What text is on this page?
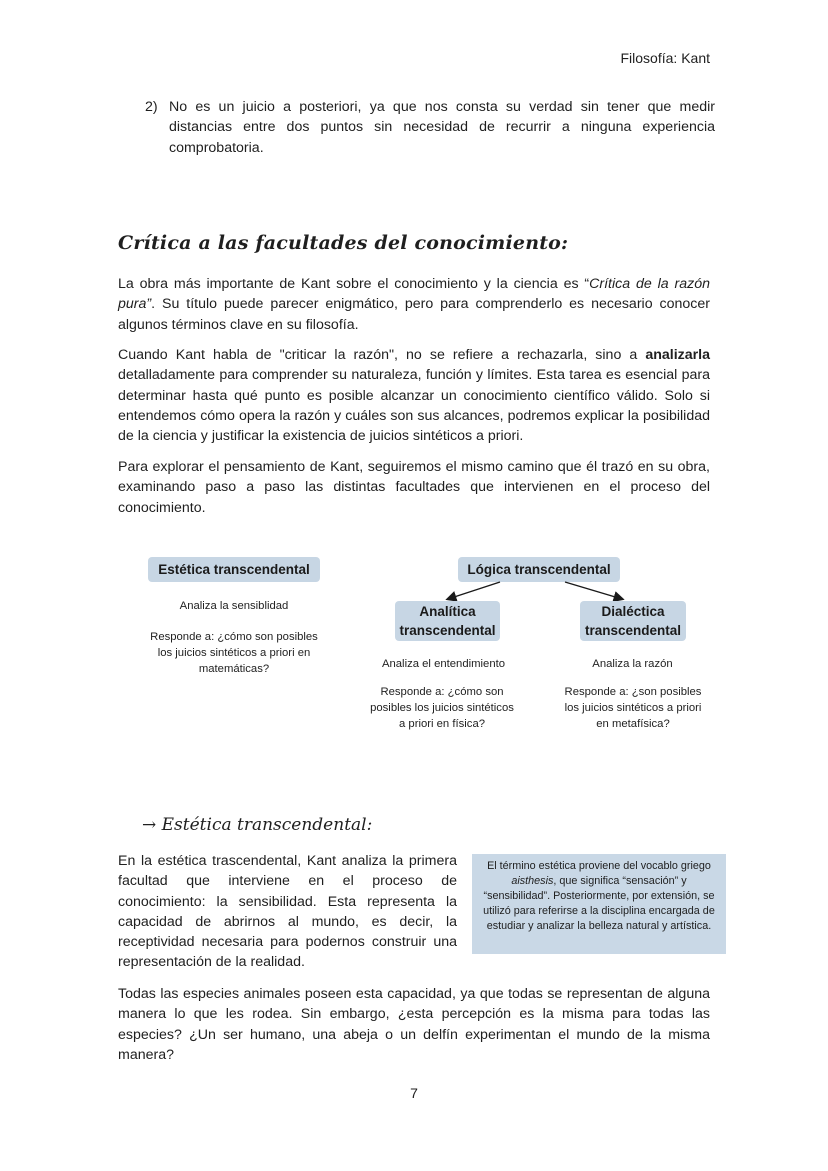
Filosofía: Kant
2) No es un juicio a posteriori, ya que nos consta su verdad sin tener que medir distancias entre dos puntos sin necesidad de recurrir a ninguna experiencia comprobatoria.
Crítica a las facultades del conocimiento:
La obra más importante de Kant sobre el conocimiento y la ciencia es “Crítica de la razón pura”. Su título puede parecer enigmático, pero para comprenderlo es necesario conocer algunos términos clave en su filosofía.
Cuando Kant habla de "criticar la razón", no se refiere a rechazarla, sino a analizarla detalladamente para comprender su naturaleza, función y límites. Esta tarea es esencial para determinar hasta qué punto es posible alcanzar un conocimiento científico válido. Solo si entendemos cómo opera la razón y cuáles son sus alcances, podremos explicar la posibilidad de la ciencia y justificar la existencia de juicios sintéticos a priori.
Para explorar el pensamiento de Kant, seguiremos el mismo camino que él trazó en su obra, examinando paso a paso las distintas facultades que intervienen en el proceso del conocimiento.
Estética transcendental
Analiza la sensiblidad
Responde a: ¿cómo son posibles los juicios sintéticos a priori en matemáticas?
Lógica transcendental
Analítica
transcendental
Dialéctica
transcendental
Analiza el entendimiento
Responde a: ¿cómo son posibles los juicios sintéticos a priori en física?
Analiza la razón
Responde a: ¿son posibles los juicios sintéticos a priori en metafísica?
→ Estética transcendental:
En la estética trascendental, Kant analiza la primera facultad que interviene en el proceso de conocimiento: la sensibilidad. Esta representa la capacidad de abrirnos al mundo, es decir, la receptividad necesaria para podernos construir una representación de la realidad.
El término estética proviene del vocablo griego aisthesis, que significa “sensación” y “sensibilidad”. Posteriormente, por extensión, se utilizó para referirse a la disciplina encargada de estudiar y analizar la belleza natural y artística.
Todas las especies animales poseen esta capacidad, ya que todas se representan de alguna manera lo que les rodea. Sin embargo, ¿esta percepción es la misma para todas las especies? ¿Un ser humano, una abeja o un delfín experimentan el mundo de la misma manera?
7
